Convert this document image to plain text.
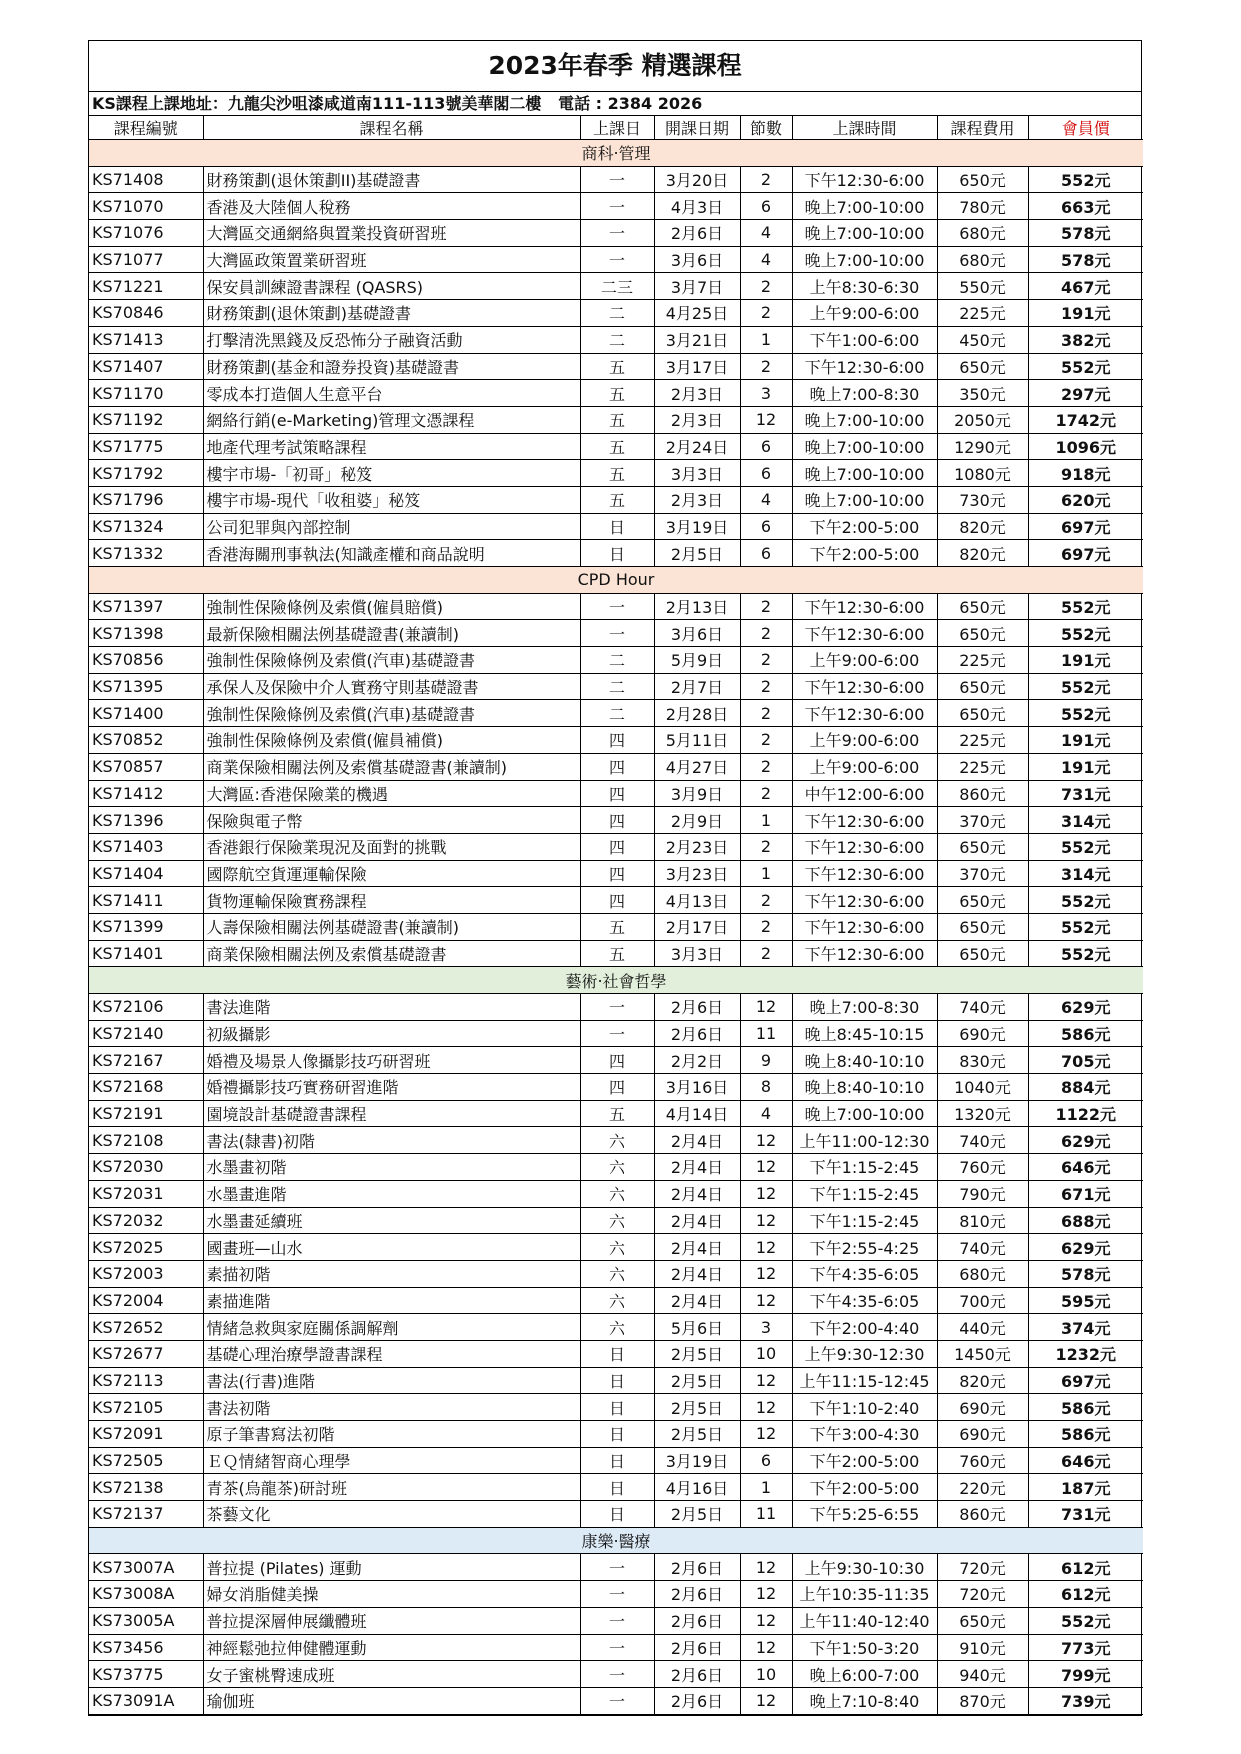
2023年春季 精選課程
KS課程上課地址：九龍尖沙咀漆咸道南111-113號美華閣二樓   電話 : 2384 2026
課程編號	課程名稱	上課日	開課日期	節數	上課時間	課程費用	會員價
商科‧管理							
KS71408	財務策劃(退休策劃II)基礎證書	一	3月20日	2	下午12:30-6:00	650元	552元
KS71070	香港及大陸個人稅務	一	4月3日	6	晚上7:00-10:00	780元	663元
KS71076	大灣區交通網絡與置業投資研習班	一	2月6日	4	晚上7:00-10:00	680元	578元
KS71077	大灣區政策置業研習班	一	3月6日	4	晚上7:00-10:00	680元	578元
KS71221	保安員訓練證書課程 (QASRS)	二三	3月7日	2	上午8:30-6:30	550元	467元
KS70846	財務策劃(退休策劃)基礎證書	二	4月25日	2	上午9:00-6:00	225元	191元
KS71413	打擊清洗黑錢及反恐怖分子融資活動	二	3月21日	1	下午1:00-6:00	450元	382元
KS71407	財務策劃(基金和證券投資)基礎證書	五	3月17日	2	下午12:30-6:00	650元	552元
KS71170	零成本打造個人生意平台	五	2月3日	3	晚上7:00-8:30	350元	297元
KS71192	網絡行銷(e-Marketing)管理文憑課程	五	2月3日	12	晚上7:00-10:00	2050元	1742元
KS71775	地產代理考試策略課程	五	2月24日	6	晚上7:00-10:00	1290元	1096元
KS71792	樓宇市場-「初哥」秘笈	五	3月3日	6	晚上7:00-10:00	1080元	918元
KS71796	樓宇市場-現代「收租婆」秘笈	五	2月3日	4	晚上7:00-10:00	730元	620元
KS71324	公司犯罪與內部控制	日	3月19日	6	下午2:00-5:00	820元	697元
KS71332	香港海關刑事執法(知識產權和商品說明	日	2月5日	6	下午2:00-5:00	820元	697元
CPD Hour							
KS71397	強制性保險條例及索償(僱員賠償)	一	2月13日	2	下午12:30-6:00	650元	552元
KS71398	最新保險相關法例基礎證書(兼讀制)	一	3月6日	2	下午12:30-6:00	650元	552元
KS70856	強制性保險條例及索償(汽車)基礎證書	二	5月9日	2	上午9:00-6:00	225元	191元
KS71395	承保人及保險中介人實務守則基礎證書	二	2月7日	2	下午12:30-6:00	650元	552元
KS71400	強制性保險條例及索償(汽車)基礎證書	二	2月28日	2	下午12:30-6:00	650元	552元
KS70852	強制性保險條例及索償(僱員補償)	四	5月11日	2	上午9:00-6:00	225元	191元
KS70857	商業保險相關法例及索償基礎證書(兼讀制)	四	4月27日	2	上午9:00-6:00	225元	191元
KS71412	大灣區:香港保險業的機遇	四	3月9日	2	中午12:00-6:00	860元	731元
KS71396	保險與電子幣	四	2月9日	1	下午12:30-6:00	370元	314元
KS71403	香港銀行保險業現況及面對的挑戰	四	2月23日	2	下午12:30-6:00	650元	552元
KS71404	國際航空貨運運輸保險	四	3月23日	1	下午12:30-6:00	370元	314元
KS71411	貨物運輸保險實務課程	四	4月13日	2	下午12:30-6:00	650元	552元
KS71399	人壽保險相關法例基礎證書(兼讀制)	五	2月17日	2	下午12:30-6:00	650元	552元
KS71401	商業保險相關法例及索償基礎證書	五	3月3日	2	下午12:30-6:00	650元	552元
藝術‧社會哲學							
KS72106	書法進階	一	2月6日	12	晚上7:00-8:30	740元	629元
KS72140	初級攝影	一	2月6日	11	晚上8:45-10:15	690元	586元
KS72167	婚禮及場景人像攝影技巧研習班	四	2月2日	9	晚上8:40-10:10	830元	705元
KS72168	婚禮攝影技巧實務研習進階	四	3月16日	8	晚上8:40-10:10	1040元	884元
KS72191	園境設計基礎證書課程	五	4月14日	4	晚上7:00-10:00	1320元	1122元
KS72108	書法(隸書)初階	六	2月4日	12	上午11:00-12:30	740元	629元
KS72030	水墨畫初階	六	2月4日	12	下午1:15-2:45	760元	646元
KS72031	水墨畫進階	六	2月4日	12	下午1:15-2:45	790元	671元
KS72032	水墨畫延續班	六	2月4日	12	下午1:15-2:45	810元	688元
KS72025	國畫班—山水	六	2月4日	12	下午2:55-4:25	740元	629元
KS72003	素描初階	六	2月4日	12	下午4:35-6:05	680元	578元
KS72004	素描進階	六	2月4日	12	下午4:35-6:05	700元	595元
KS72652	情緒急救與家庭關係調解劑	六	5月6日	3	下午2:00-4:40	440元	374元
KS72677	基礎心理治療學證書課程	日	2月5日	10	上午9:30-12:30	1450元	1232元
KS72113	書法(行書)進階	日	2月5日	12	上午11:15-12:45	820元	697元
KS72105	書法初階	日	2月5日	12	下午1:10-2:40	690元	586元
KS72091	原子筆書寫法初階	日	2月5日	12	下午3:00-4:30	690元	586元
KS72505	ＥＱ情緒智商心理學	日	3月19日	6	下午2:00-5:00	760元	646元
KS72138	青茶(烏龍茶)研討班	日	4月16日	1	下午2:00-5:00	220元	187元
KS72137	茶藝文化	日	2月5日	11	下午5:25-6:55	860元	731元
康樂‧醫療							
KS73007A	普拉提 (Pilates) 運動	一	2月6日	12	上午9:30-10:30	720元	612元
KS73008A	婦女消脂健美操	一	2月6日	12	上午10:35-11:35	720元	612元
KS73005A	普拉提深層伸展纖體班	一	2月6日	12	上午11:40-12:40	650元	552元
KS73456	神經鬆弛拉伸健體運動	一	2月6日	12	下午1:50-3:20	910元	773元
KS73775	女子蜜桃臀速成班	一	2月6日	10	晚上6:00-7:00	940元	799元
KS73091A	瑜伽班	一	2月6日	12	晚上7:10-8:40	870元	739元
